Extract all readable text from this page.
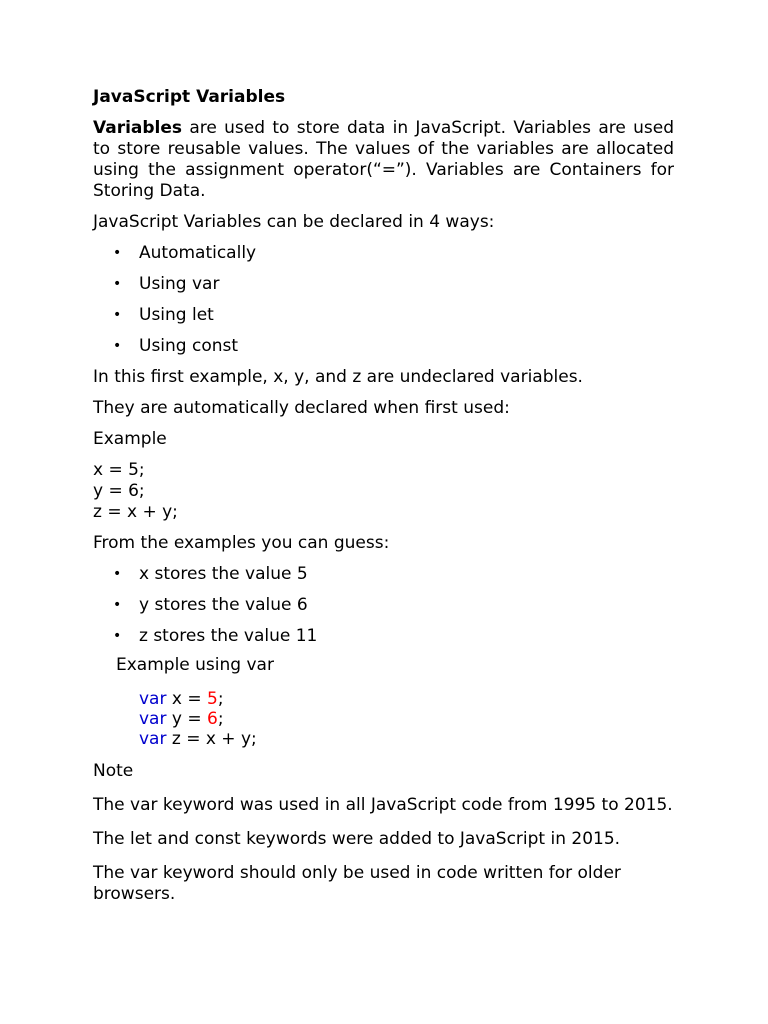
JavaScript Variables

Variables are used to store data in JavaScript. Variables are used to store reusable values. The values of the variables are allocated using the assignment operator(“=”). Variables are Containers for Storing Data.

JavaScript Variables can be declared in 4 ways:

• Automatically
• Using var
• Using let
• Using const

In this first example, x, y, and z are undeclared variables.

They are automatically declared when first used:

Example

x = 5;
y = 6;
z = x + y;

From the examples you can guess:

• x stores the value 5
• y stores the value 6
• z stores the value 11

Example using var

var x = 5;
var y = 6;
var z = x + y;

Note

The var keyword was used in all JavaScript code from 1995 to 2015.

The let and const keywords were added to JavaScript in 2015.

The var keyword should only be used in code written for older browsers.
